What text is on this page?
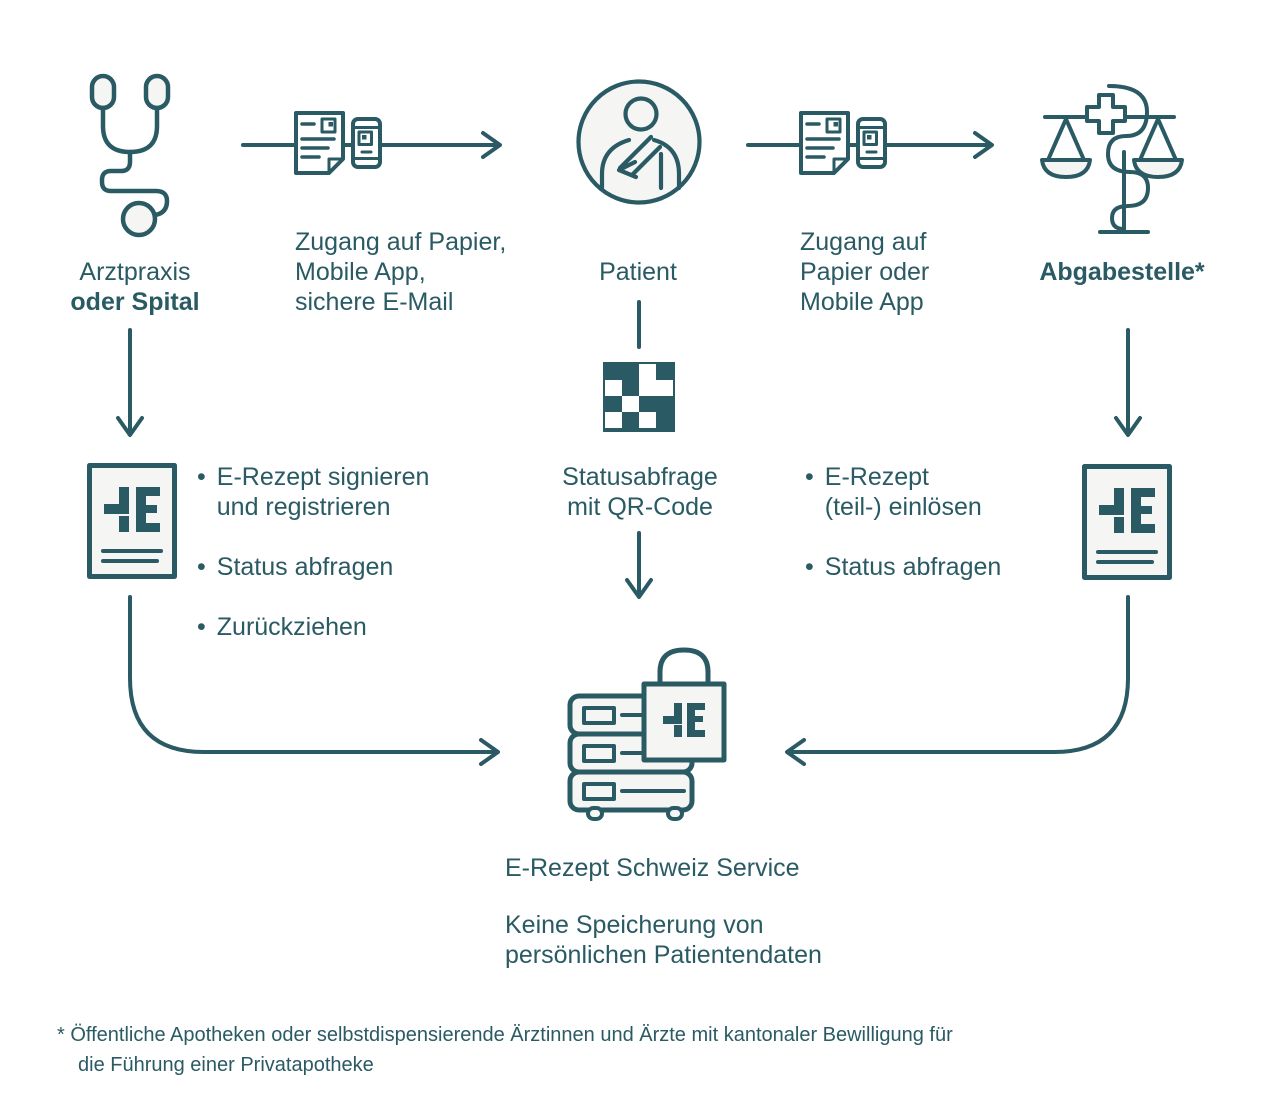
Arztpraxis
oder Spital
Zugang auf Papier,
Mobile App,
sichere E-Mail
Patient
Zugang auf
Papier oder
Mobile App
Abgabestelle*
Statusabfrage
mit QR-Code
• E-Rezept signieren
und registrieren
• Status abfragen
• Zurückziehen
• E-Rezept
(teil-) einlösen
• Status abfragen
E-Rezept Schweiz Service
Keine Speicherung von
persönlichen Patientendaten
* Öffentliche Apotheken oder selbstdispensierende Ärztinnen und Ärzte mit kantonaler Bewilligung für
die Führung einer Privatapotheke
